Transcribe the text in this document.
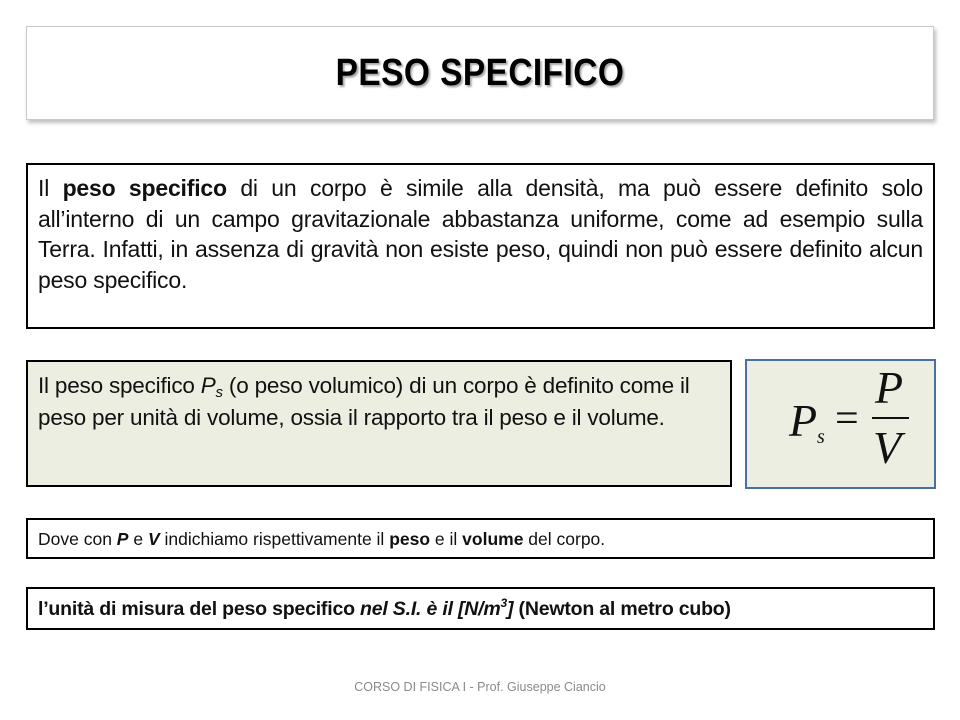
PESO SPECIFICO
Il peso specifico di un corpo è simile alla densità, ma può essere definito solo all’interno di un campo gravitazionale abbastanza uniforme, come ad esempio sulla Terra. Infatti, in assenza di gravità non esiste peso, quindi non può essere definito alcun peso specifico.
Il peso specifico $P_s$ (o peso volumico) di un corpo è definito come il peso per unità di volume, ossia il rapporto tra il peso e il volume.	P s =
P
V
Dove con P e V indichiamo rispettivamente il peso e il volume del corpo.
l’unità di misura del peso specifico nel S.I. è il $[N/m^3]$ (Newton al metro cubo)
CORSO DI FISICA I - Prof. Giuseppe Ciancio
